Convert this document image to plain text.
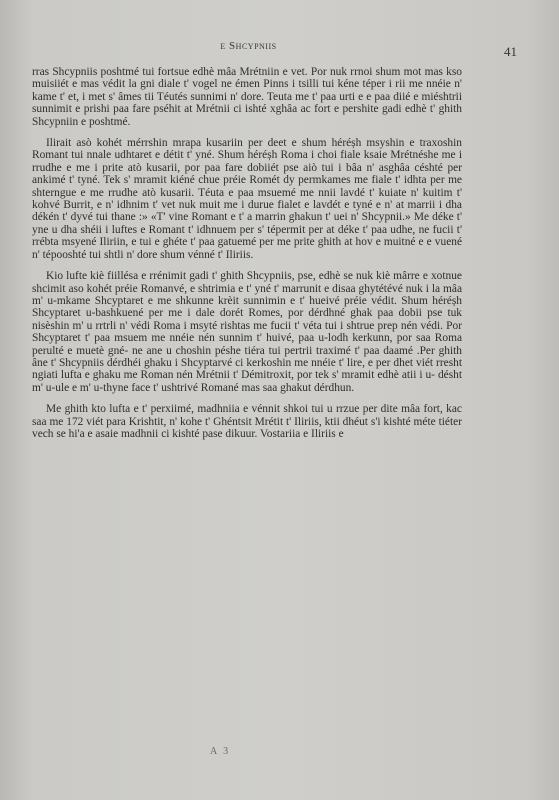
e Shcypniis	41

rras Shcypniis poshtmé tui fortsue edhè mâa Mrétniin e vet. Por nuk rrnoi shum mot mas kso muisiiét e mas védit la gni diale t' vogel ne émen Pinns i tsilli tui kéne téper i rii me nnéie n' kame t' et, i met s' âmes tii Téutés sunnimi n' dore. Teuta me t' paa urti e e paa diié e miéshtrii sunnimit e prishi paa fare pséhit at Mrétnii ci ishté xghâa ac fort e pershite gadi edhè t' ghith Shcypniin e poshtmé.

Ilirait asò kohét mérrshin mrapa kusariin per deet e shum héréșh msyshin e traxoshin Romant tui nnale udhtaret e détit t' yné. Shum héréșh Roma i choi fiale ksaie Mrétnéshe me i rrudhe e me i prite atò kusarii, por paa fare dobiiét pse aiò tui i bâa n' asghâa céshté per ankimé t' tyné. Tek s' mramit kiéné chue préie Romét dy permkames me fiale t' idhta per me shterngue e me rrudhe atò kusarii. Téuta e paa msuemé me nnii lavdé t' kuiate n' kuitim t' kohvé Burrit, e n' idhnim t' vet nuk muit me i durue fialet e lavdét e tyné e n' at marrii i dha dékén t' dyvé tui thane :» «T' vine Romant e t' a marrin ghakun t' uei n' Shcypnii.» Me déke t' yne u dha shéii i luftes e Romant t' idhnuem per s' tépermit per at déke t' paa udhe, ne fucii t' rrébta msyené Iliriin, e tui e ghéte t' paa gatuemé per me prite ghith at hov e muitné e e vuené n' tépooshté tui shtli n' dore shum vénné t' Iliriis.

Kio lufte kiè fiillésa e rrénimit gadi t' ghith Shcypniis, pse, edhè se nuk kiè mârre e xotnue shcimit aso kohét préie Romanvé, e shtrimia e t' yné t' marrunit e disaa ghytétévé nuk i la mâa m' u-mkame Shcyptaret e me shkunne krèit sunnimin e t' hueivé préie védit. Shum héréșh Shcyptaret u-bashkuené per me i dale dorét Romes, por dérdhné ghak paa dobii pse tuk nisèshin m' u rrtrli n' védi Roma i msyté rishtas me fucii t' véta tui i shtrue prep nén védi. Por Shcyptaret t' paa msuem me nnéie nén sunnim t' huivé, paa u-lodh kerkunn, por saa Roma perulté e muetè gné- ne ane u choshin péshe tiéra tui pertrii traximé t' paa daamé .Per ghith âne t' Shcypniis dérdhéi ghaku i Shcyptarvé ci kerkoshin me nnéie t' lire, e per dhet viét rresht ngiati lufta e ghaku me Roman nén Mrétnii t' Démitroxit, por tek s' mramit edhè atii i u- désht m' u-ule e m' u-thyne face t' ushtrivé Romané mas saa ghakut dérdhun.

Me ghith kto lufta e t' perxiimé, madhniia e vénnit shkoi tui u rrzue per dite mâa fort, kac saa me 172 viét para Krishtit, n' kohe t' Ghéntsit Mrétit t' Iliriis, ktii dhéut s'i kishté méte tiéter vech se hi'a e asaie madhnii ci kishté pase dikuur. Vostariia e Iliriis e

A 3
